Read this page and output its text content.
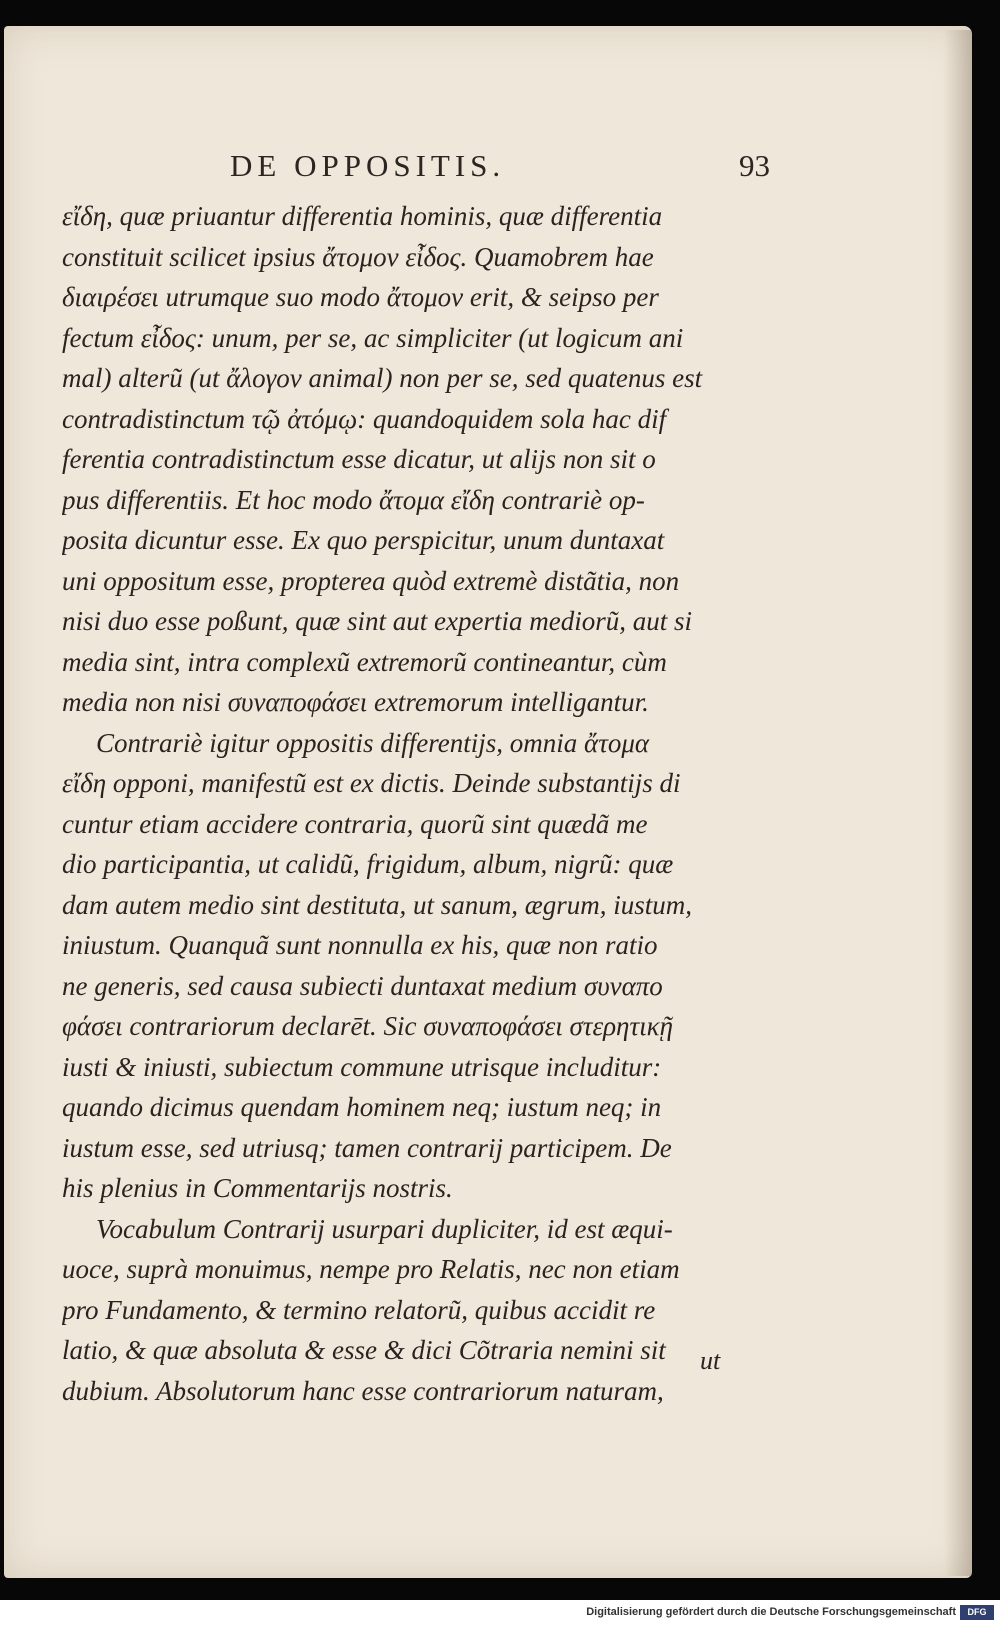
DE OPPOSITIS.	93
εἴδη, quæ priuantur differentia hominis, quæ differentia
constituit scilicet ipsius ἄτομον εἶδος. Quamobrem hae
διαιρέσει utrumque suo modo ἄτομον erit, & seipso per
fectum εἶδος: unum, per se, ac simpliciter (ut logicum ani
mal) alterũ (ut ἄλογον animal) non per se, sed quatenus est
contradistinctum τῷ ἀτόμῳ: quandoquidem sola hac dif
ferentia contradistinctum esse dicatur, ut alijs non sit o
pus differentiis. Et hoc modo ἄτομα εἴδη contrariè op-
posita dicuntur esse. Ex quo perspicitur, unum duntaxat
uni oppositum esse, propterea quòd extremè distãtia, non
nisi duo esse poßunt, quæ sint aut expertia mediorũ, aut si
media sint, intra complexũ extremorũ contineantur, cùm
media non nisi συναποφάσει extremorum intelligantur.
Contrariè igitur oppositis differentijs, omnia ἄτομα
εἴδη opponi, manifestũ est ex dictis. Deinde substantijs di
cuntur etiam accidere contraria, quorũ sint quædã me
dio participantia, ut calidũ, frigidum, album, nigrũ: quæ
dam autem medio sint destituta, ut sanum, ægrum, iustum,
iniustum. Quanquã sunt nonnulla ex his, quæ non ratio
ne generis, sed causa subiecti duntaxat medium συναπο
φάσει contrariorum declarēt. Sic συναποφάσει στερητικῇ
iusti & iniusti, subiectum commune utrisque includitur:
quando dicimus quendam hominem neq; iustum neq; in
iustum esse, sed utriusq; tamen contrarij participem. De
his plenius in Commentarijs nostris.
Vocabulum Contrarij usurpari dupliciter, id est æqui-
uoce, suprà monuimus, nempe pro Relatis, nec non etiam
pro Fundamento, & termino relatorũ, quibus accidit re
latio, & quæ absoluta & esse & dici Cõtraria nemini sit
dubium. Absolutorum hanc esse contrariorum naturam,
ut
Digitalisierung gefördert durch die Deutsche Forschungsgemeinschaft	DFG
